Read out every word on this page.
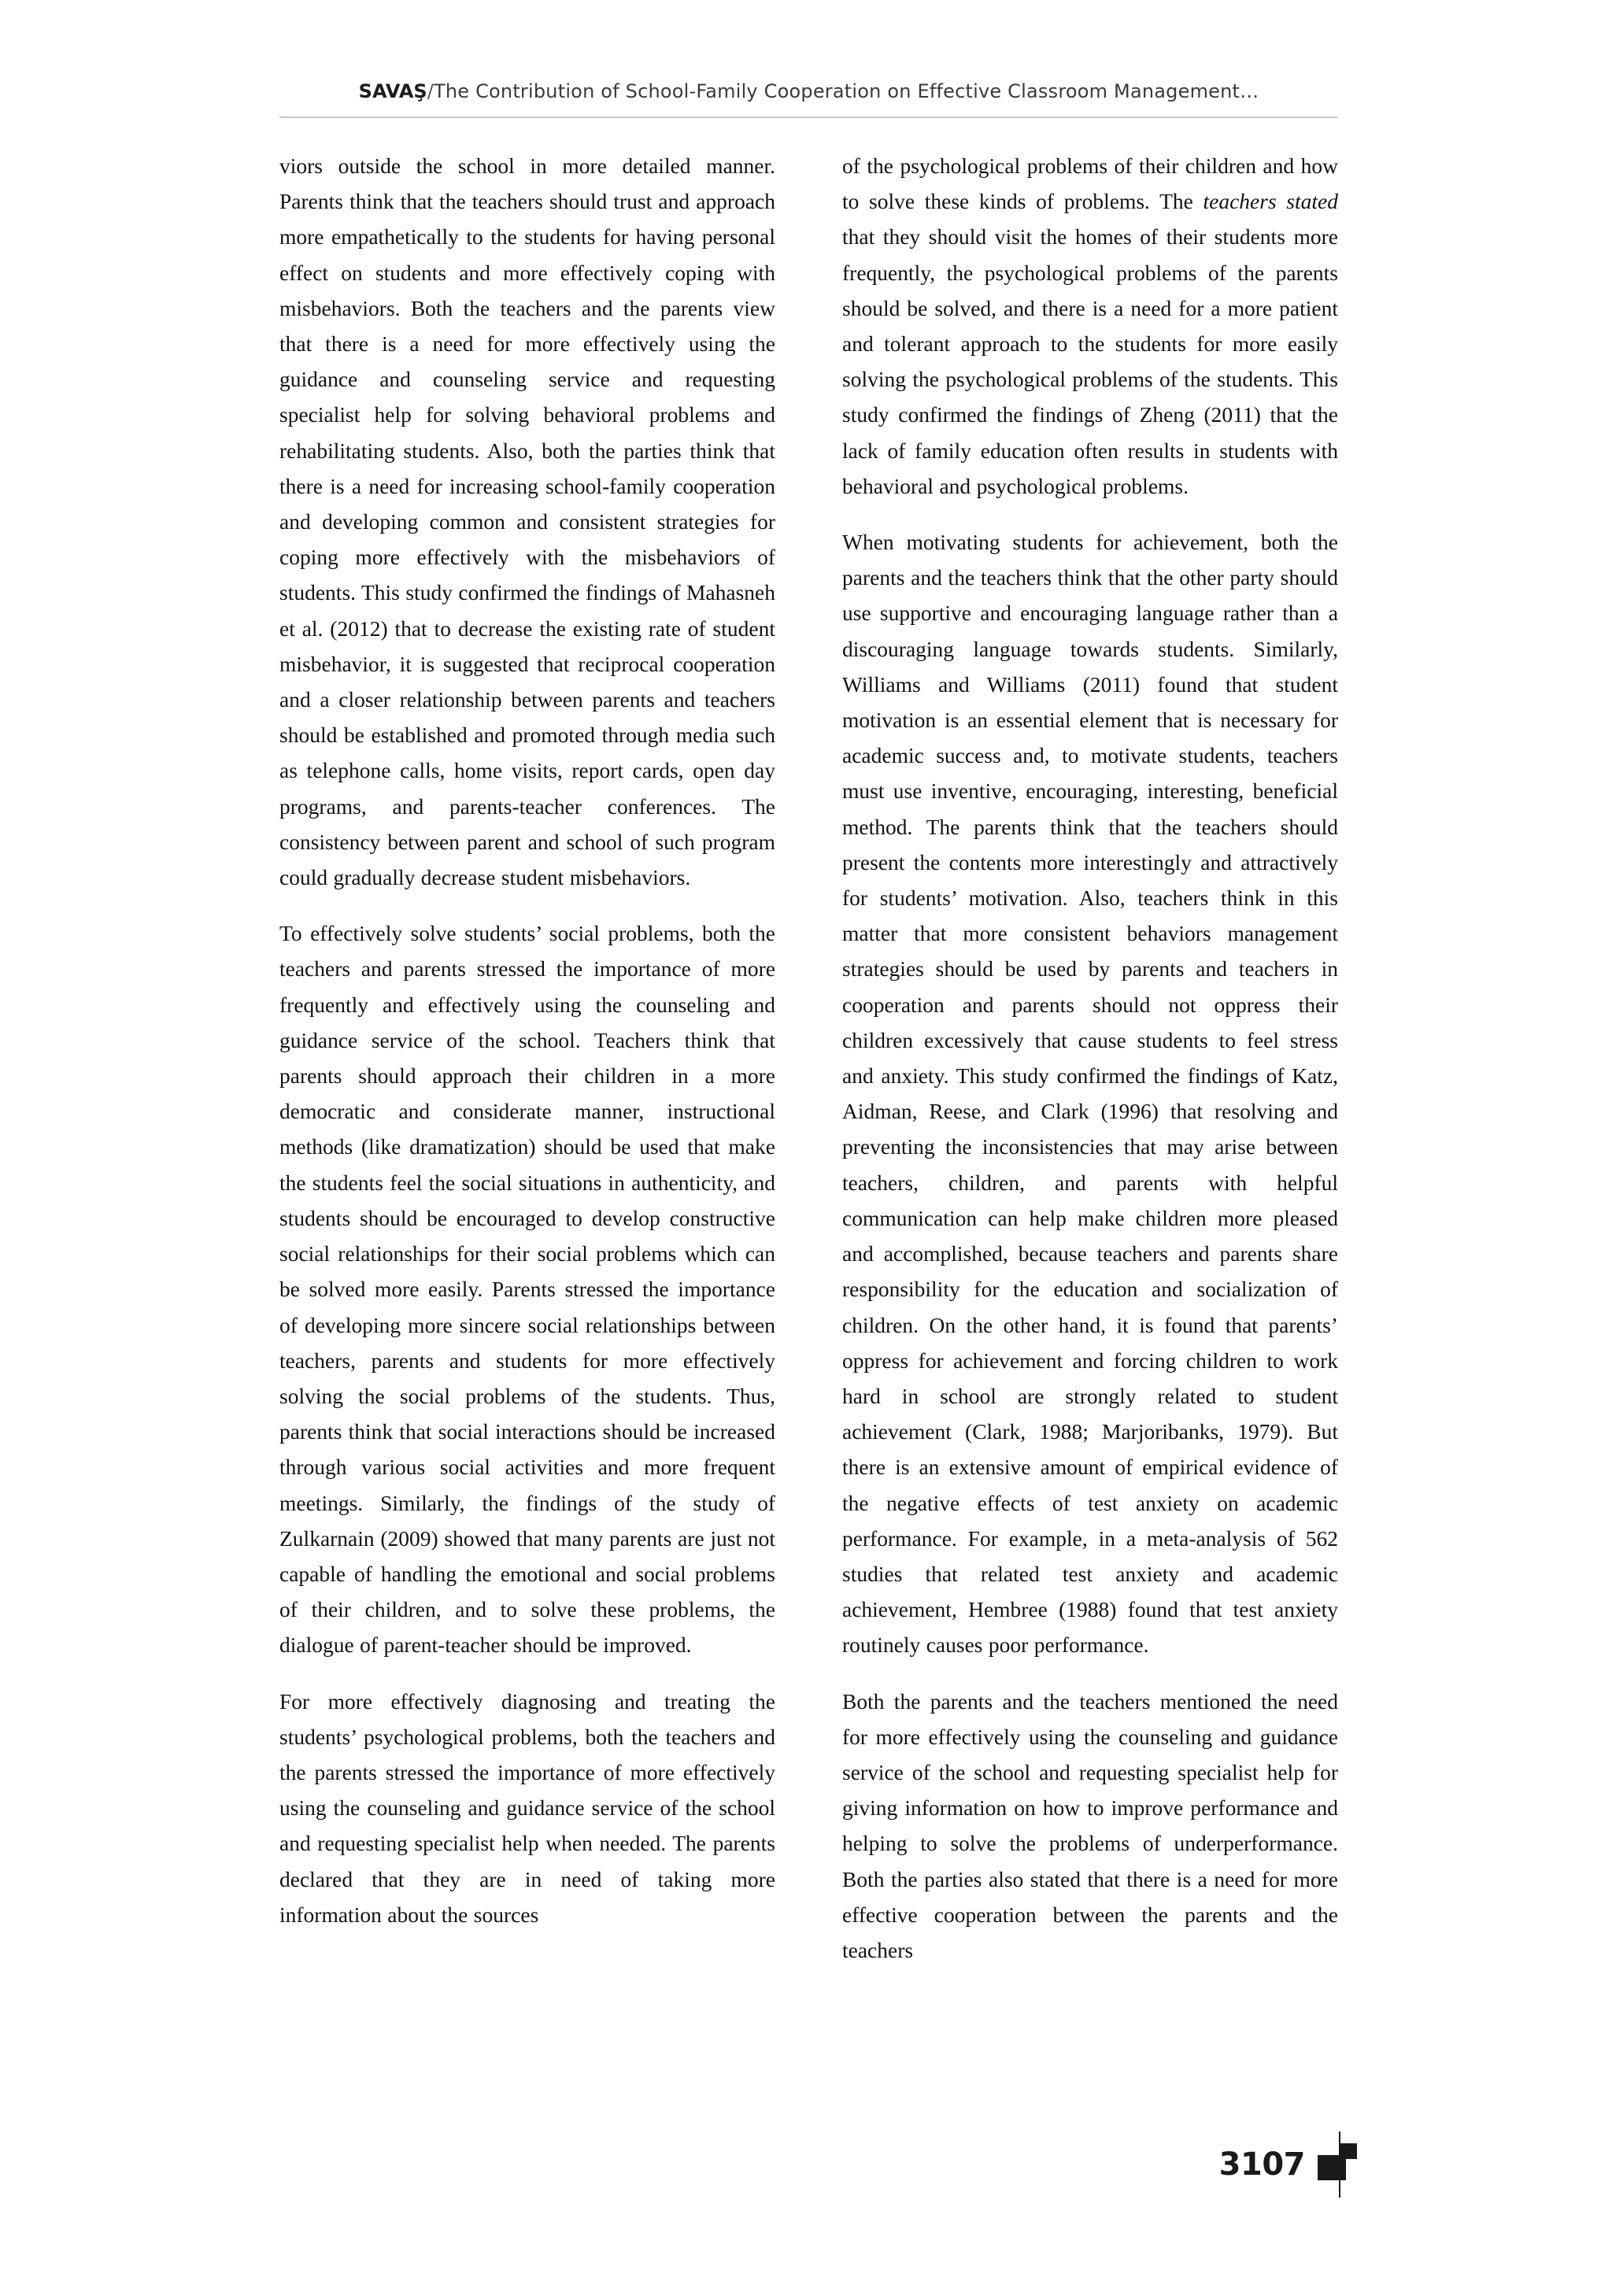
SAVAŞ/The Contribution of School-Family Cooperation on Effective Classroom Management…

viors outside the school in more detailed manner. Parents think that the teachers should trust and approach more empathetically to the students for having personal effect on students and more effectively coping with misbehaviors. Both the teachers and the parents view that there is a need for more effectively using the guidance and counseling service and requesting specialist help for solving behavioral problems and rehabilitating students. Also, both the parties think that there is a need for increasing school-family cooperation and developing common and consistent strategies for coping more effectively with the misbehaviors of students. This study confirmed the findings of Mahasneh et al. (2012) that to decrease the existing rate of student misbehavior, it is suggested that reciprocal cooperation and a closer relationship between parents and teachers should be established and promoted through media such as telephone calls, home visits, report cards, open day programs, and parents-teacher conferences. The consistency between parent and school of such program could gradually decrease student misbehaviors.

To effectively solve students’ social problems, both the teachers and parents stressed the importance of more frequently and effectively using the counseling and guidance service of the school. Teachers think that parents should approach their children in a more democratic and considerate manner, instructional methods (like dramatization) should be used that make the students feel the social situations in authenticity, and students should be encouraged to develop constructive social relationships for their social problems which can be solved more easily. Parents stressed the importance of developing more sincere social relationships between teachers, parents and students for more effectively solving the social problems of the students. Thus, parents think that social interactions should be increased through various social activities and more frequent meetings. Similarly, the findings of the study of Zulkarnain (2009) showed that many parents are just not capable of handling the emotional and social problems of their children, and to solve these problems, the dialogue of parent-teacher should be improved.

For more effectively diagnosing and treating the students’ psychological problems, both the teachers and the parents stressed the importance of more effectively using the counseling and guidance service of the school and requesting specialist help when needed. The parents declared that they are in need of taking more information about the sources

of the psychological problems of their children and how to solve these kinds of problems. The teachers stated that they should visit the homes of their students more frequently, the psychological problems of the parents should be solved, and there is a need for a more patient and tolerant approach to the students for more easily solving the psychological problems of the students. This study confirmed the findings of Zheng (2011) that the lack of family education often results in students with behavioral and psychological problems.

When motivating students for achievement, both the parents and the teachers think that the other party should use supportive and encouraging language rather than a discouraging language towards students. Similarly, Williams and Williams (2011) found that student motivation is an essential element that is necessary for academic success and, to motivate students, teachers must use inventive, encouraging, interesting, beneficial method. The parents think that the teachers should present the contents more interestingly and attractively for students’ motivation. Also, teachers think in this matter that more consistent behaviors management strategies should be used by parents and teachers in cooperation and parents should not oppress their children excessively that cause students to feel stress and anxiety. This study confirmed the findings of Katz, Aidman, Reese, and Clark (1996) that resolving and preventing the inconsistencies that may arise between teachers, children, and parents with helpful communication can help make children more pleased and accomplished, because teachers and parents share responsibility for the education and socialization of children. On the other hand, it is found that parents’ oppress for achievement and forcing children to work hard in school are strongly related to student achievement (Clark, 1988; Marjoribanks, 1979). But there is an extensive amount of empirical evidence of the negative effects of test anxiety on academic performance. For example, in a meta-analysis of 562 studies that related test anxiety and academic achievement, Hembree (1988) found that test anxiety routinely causes poor performance.

Both the parents and the teachers mentioned the need for more effectively using the counseling and guidance service of the school and requesting specialist help for giving information on how to improve performance and helping to solve the problems of underperformance. Both the parties also stated that there is a need for more effective cooperation between the parents and the teachers

3107
